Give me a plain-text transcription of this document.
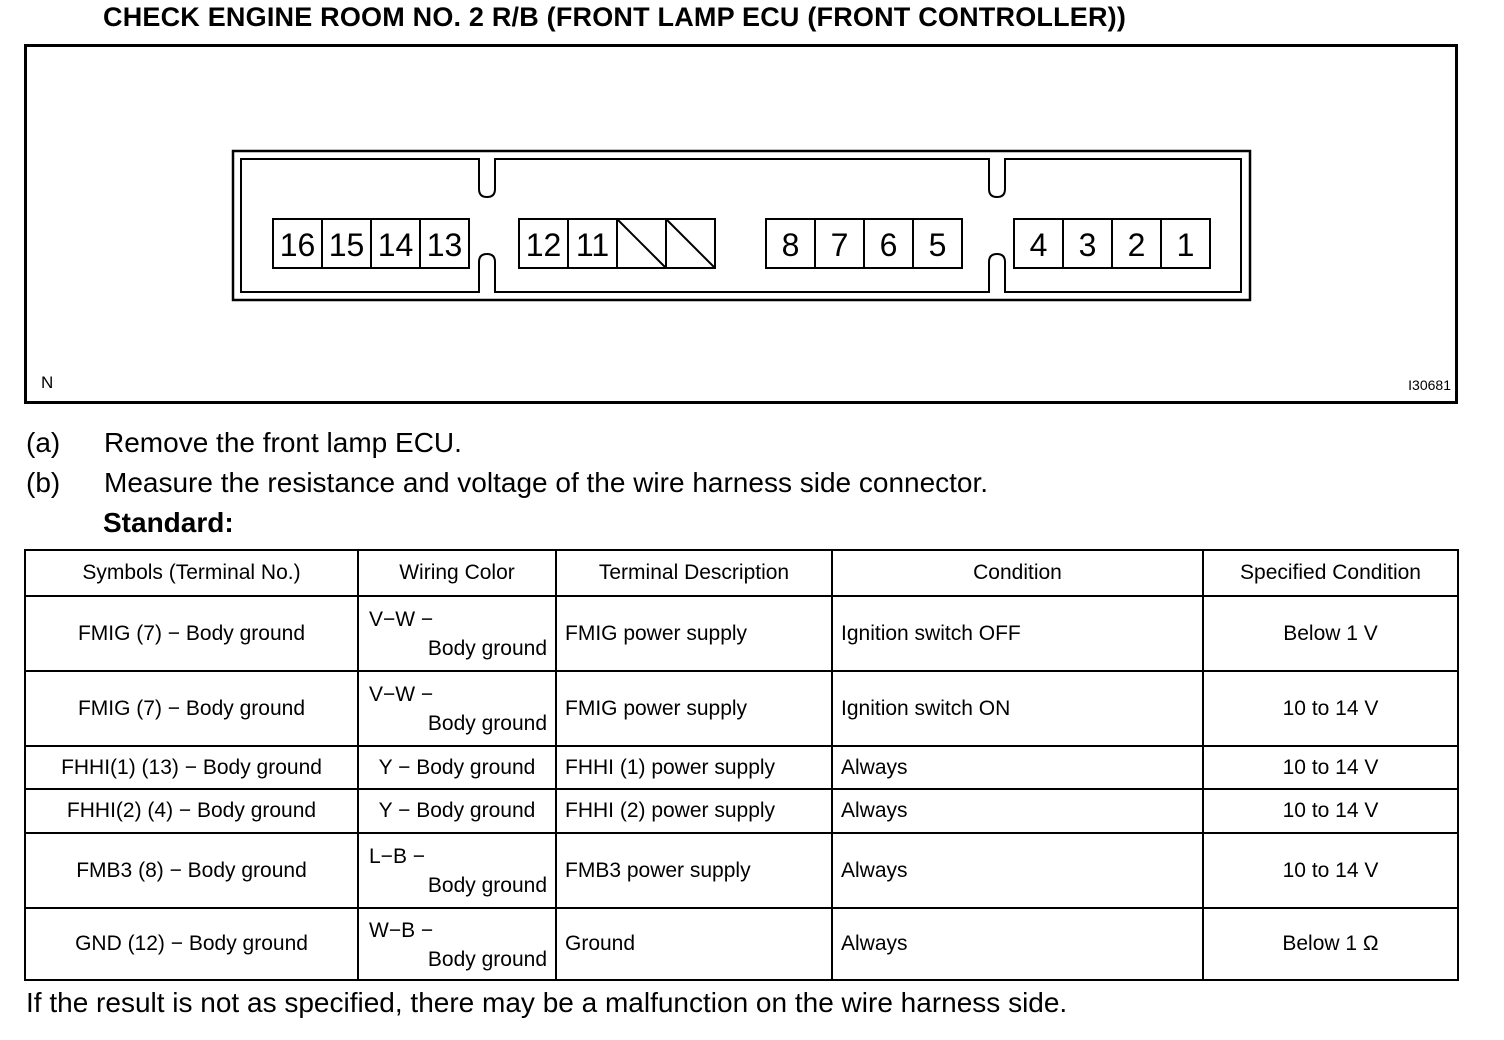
CHECK ENGINE ROOM NO. 2 R/B (FRONT LAMP ECU (FRONT CONTROLLER))
16 15 14 13 12 11	8 7 6 5	4 3 2 1
N	I30681
(a) Remove the front lamp ECU.
(b) Measure the resistance and voltage of the wire harness side connector.
Standard:
Symbols (Terminal No.)	Wiring Color	Terminal Description	Condition	Specified Condition
FMIG (7) − Body ground	V−W −
Body ground	FMIG power supply	Ignition switch OFF	Below 1 V
FMIG (7) − Body ground	V−W −
Body ground	FMIG power supply	Ignition switch ON	10 to 14 V
FHHI(1) (13) − Body ground	Y − Body ground	FHHI (1) power supply	Always	10 to 14 V
FHHI(2) (4) − Body ground	Y − Body ground	FHHI (2) power supply	Always	10 to 14 V
FMB3 (8) − Body ground	L−B −
Body ground	FMB3 power supply	Always	10 to 14 V
GND (12) − Body ground	W−B −
Body ground	Ground	Always	Below 1 Ω
If the result is not as specified, there may be a malfunction on the wire harness side.
